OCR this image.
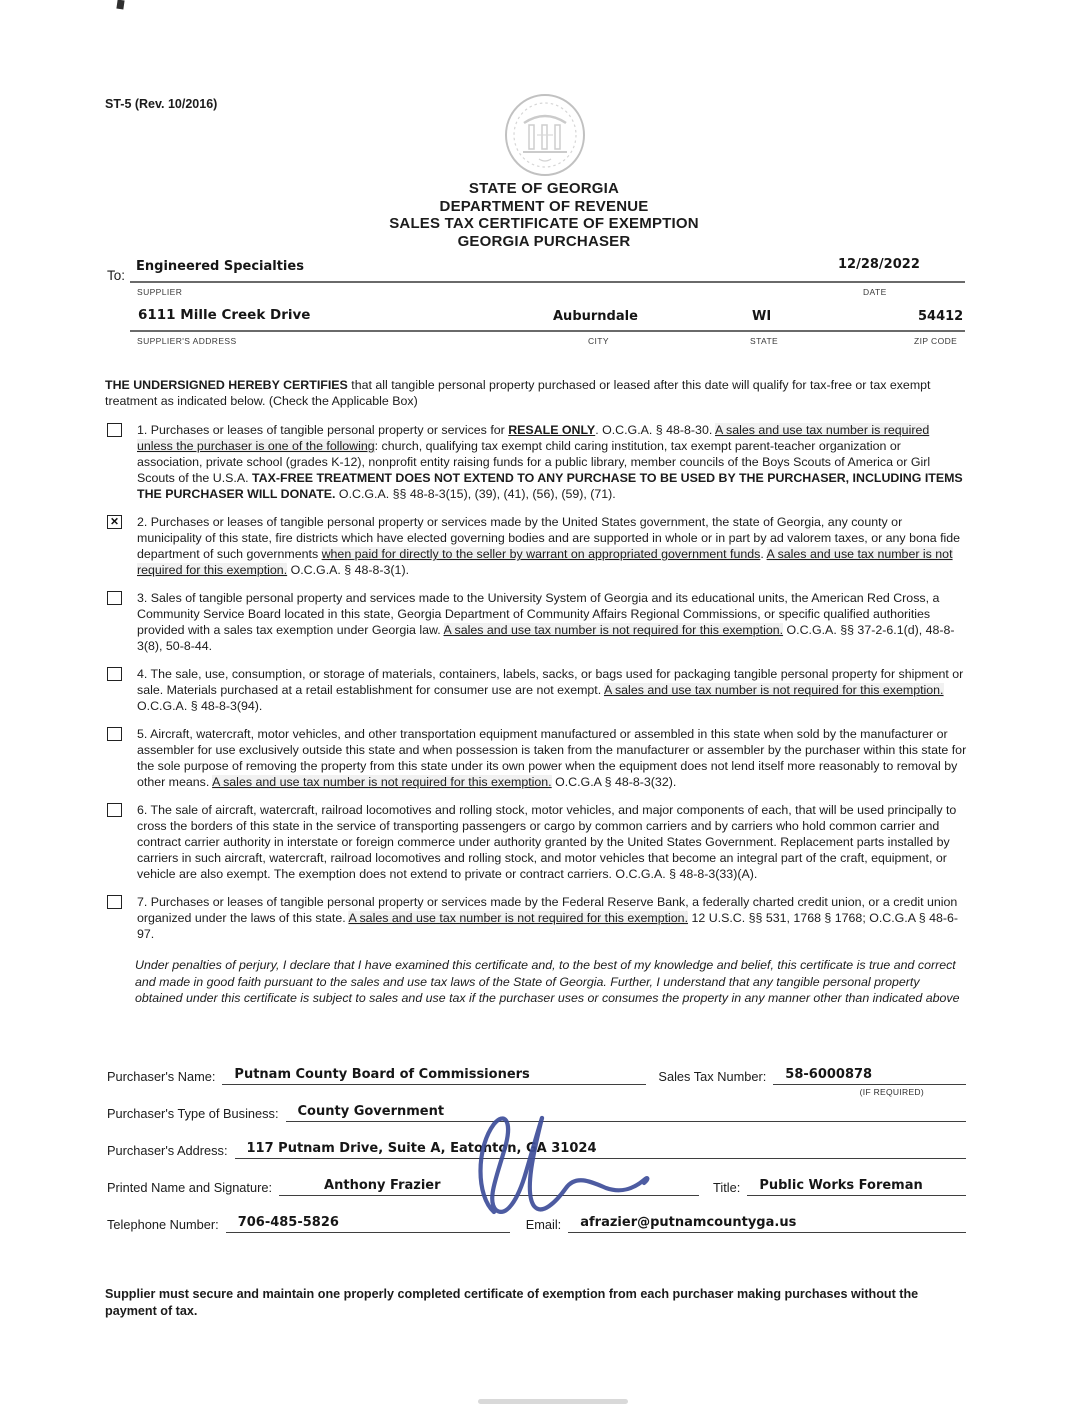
ST-5 (Rev. 10/2016)
STATE OF GEORGIA
DEPARTMENT OF REVENUE
SALES TAX CERTIFICATE OF EXEMPTION
GEORGIA PURCHASER
To:
Engineered Specialties	12/28/2022
SUPPLIER	DATE
6111 Mille Creek Drive	Auburndale	WI	54412
SUPPLIER'S ADDRESS	CITY	STATE	ZIP CODE

THE UNDERSIGNED HEREBY CERTIFIES that all tangible personal property purchased or leased after this date will qualify for tax-free or tax exempt treatment as indicated below. (Check the Applicable Box)

1. Purchases or leases of tangible personal property or services for RESALE ONLY. O.C.G.A. § 48-8-30. A sales and use tax number is required unless the purchaser is one of the following: church, qualifying tax exempt child caring institution, tax exempt parent-teacher organization or association, private school (grades K-12), nonprofit entity raising funds for a public library, member councils of the Boys Scouts of America or Girl Scouts of the U.S.A. TAX-FREE TREATMENT DOES NOT EXTEND TO ANY PURCHASE TO BE USED BY THE PURCHASER, INCLUDING ITEMS THE PURCHASER WILL DONATE. O.C.G.A. §§ 48-8-3(15), (39), (41), (56), (59), (71).
✕ 2. Purchases or leases of tangible personal property or services made by the United States government, the state of Georgia, any county or municipality of this state, fire districts which have elected governing bodies and are supported in whole or in part by ad valorem taxes, or any bona fide department of such governments when paid for directly to the seller by warrant on appropriated government funds. A sales and use tax number is not required for this exemption. O.C.G.A. § 48-8-3(1).
3. Sales of tangible personal property and services made to the University System of Georgia and its educational units, the American Red Cross, a Community Service Board located in this state, Georgia Department of Community Affairs Regional Commissions, or specific qualified authorities provided with a sales tax exemption under Georgia law. A sales and use tax number is not required for this exemption. O.C.G.A. §§ 37-2-6.1(d), 48-8-3(8), 50-8-44.
4. The sale, use, consumption, or storage of materials, containers, labels, sacks, or bags used for packaging tangible personal property for shipment or sale. Materials purchased at a retail establishment for consumer use are not exempt. A sales and use tax number is not required for this exemption. O.C.G.A. § 48-8-3(94).
5. Aircraft, watercraft, motor vehicles, and other transportation equipment manufactured or assembled in this state when sold by the manufacturer or assembler for use exclusively outside this state and when possession is taken from the manufacturer or assembler by the purchaser within this state for the sole purpose of removing the property from this state under its own power when the equipment does not lend itself more reasonably to removal by other means. A sales and use tax number is not required for this exemption. O.C.G.A § 48-8-3(32).
6. The sale of aircraft, watercraft, railroad locomotives and rolling stock, motor vehicles, and major components of each, that will be used principally to cross the borders of this state in the service of transporting passengers or cargo by common carriers and by carriers who hold common carrier and contract carrier authority in interstate or foreign commerce under authority granted by the United States Government. Replacement parts installed by carriers in such aircraft, watercraft, railroad locomotives and rolling stock, and motor vehicles that become an integral part of the craft, equipment, or vehicle are also exempt. The exemption does not extend to private or contract carriers. O.C.G.A. § 48-8-3(33)(A).
7. Purchases or leases of tangible personal property or services made by the Federal Reserve Bank, a federally charted credit union, or a credit union organized under the laws of this state. A sales and use tax number is not required for this exemption. 12 U.S.C. §§ 531, 1768 § 1768; O.C.G.A § 48-6-97.

Under penalties of perjury, I declare that I have examined this certificate and, to the best of my knowledge and belief, this certificate is true and correct and made in good faith pursuant to the sales and use tax laws of the State of Georgia. Further, I understand that any tangible personal property obtained under this certificate is subject to sales and use tax if the purchaser uses or consumes the property in any manner other than indicated above

Purchaser's Name:	Putnam County Board of Commissioners	Sales Tax Number:	58-6000878
(IF REQUIRED)
Purchaser's Type of Business:	County Government
Purchaser's Address:	117 Putnam Drive, Suite A, Eatonton, GA 31024
Printed Name and Signature:	Anthony Frazier	Title:	Public Works Foreman
Telephone Number:	706-485-5826	Email:	afrazier@putnamcountyga.us
Supplier must secure and maintain one properly completed certificate of exemption from each purchaser making purchases without the payment of tax.
